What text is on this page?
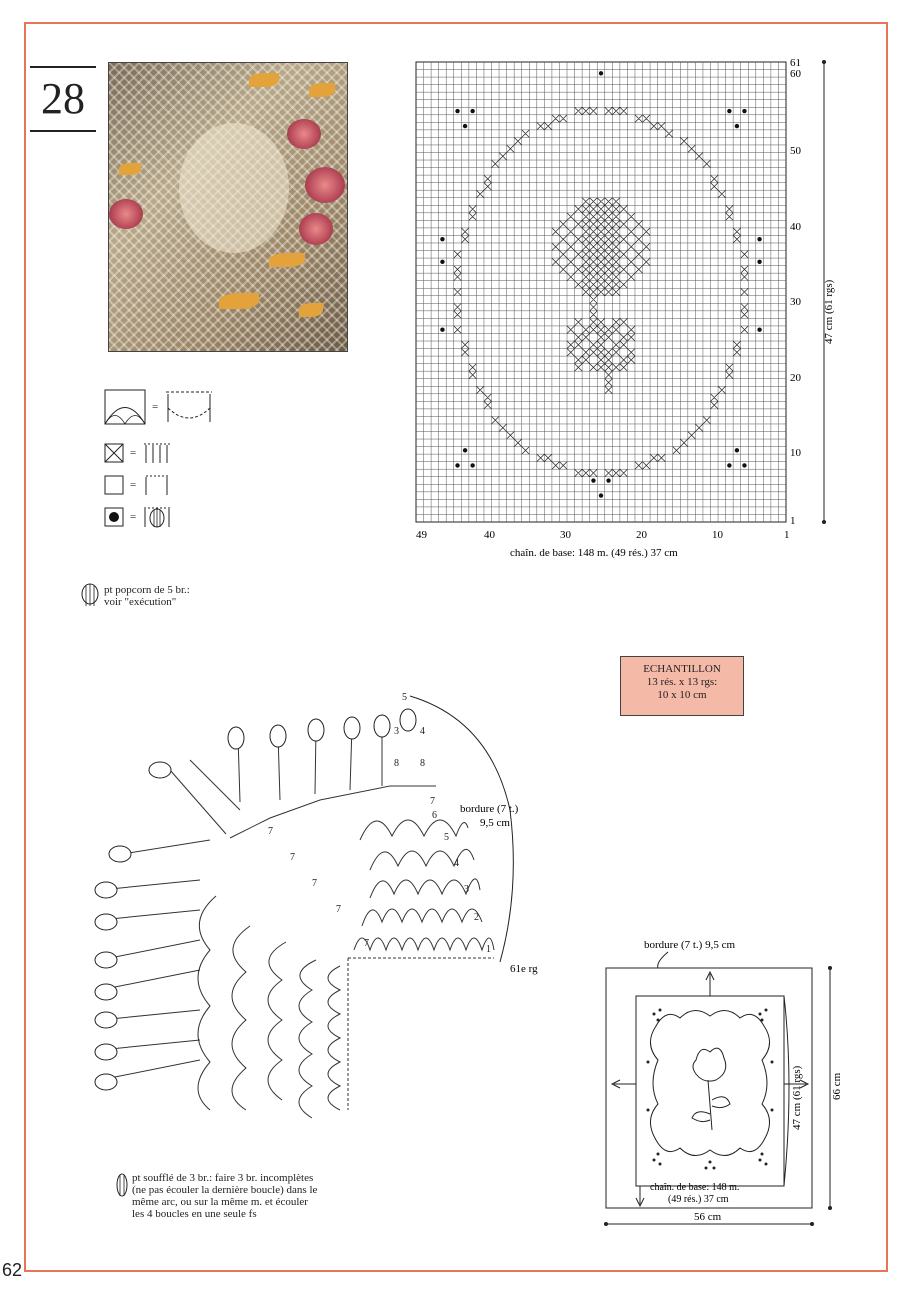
28
=
=
=
=
pt popcorn de 5 br.:
voir "exécution"
61
60
50
40
30
20
10
1
49	40	30	20	10	1
chaîn. de base: 148 m. (49 rés.) 37 cm
47 cm (61 rgs)
ECHANTILLON
13 rés. x 13 rgs:
10 x 10 cm
1
2
3
4
5
6
7
8 8
3 4
5
7
7
7
7
7
bordure (7 t.)
9,5 cm
61e rg
pt soufflé de 3 br.: faire 3 br. incomplètes
(ne pas écouler la dernière boucle) dans le
même arc, ou sur la même m. et écouler
les 4 boucles en une seule fs
bordure (7 t.) 9,5 cm
47 cm (61 rgs)	66 cm
chaîn. de base: 148 m.
(49 rés.) 37 cm
56 cm
62
